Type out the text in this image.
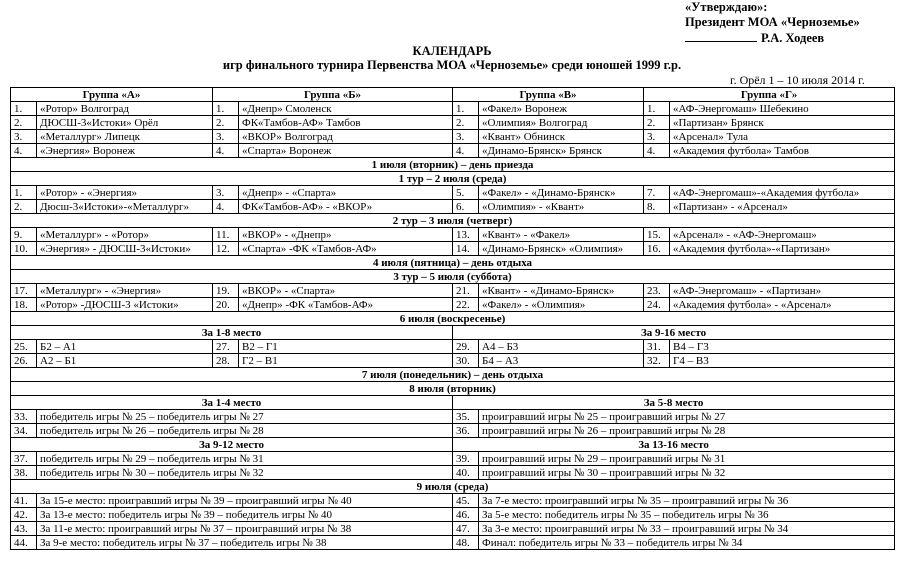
«Утверждаю»:
Президент МОА «Черноземье»
Р.А. Ходеев
КАЛЕНДАРЬ
игр финального турнира Первенства МОА «Черноземье» среди юношей 1999 г.р.
г. Орёл 1 – 10 июля 2014 г.
Группа «А»		Группа «Б»		Группа «В»		Группа «Г»	
1.	«Ротор» Волгоград	1.	«Днепр» Смоленск	1.	«Факел» Воронеж	1.	«АФ-Энергомаш» Шебекино
2.	ДЮСШ-3«Истоки» Орёл	2.	ФК«Тамбов-АФ» Тамбов	2.	«Олимпия» Волгоград	2.	«Партизан» Брянск
3.	«Металлург» Липецк	3.	«ВКОР» Волгоград	3.	«Квант» Обнинск	3.	«Арсенал» Тула
4.	«Энергия» Воронеж	4.	«Спарта» Воронеж	4.	«Динамо-Брянск» Брянск	4.	«Академия футбола» Тамбов
1 июля (вторник) – день приезда							
1 тур – 2 июля (среда)							
1.	«Ротор» - «Энергия»	3.	«Днепр» - «Спарта»	5.	«Факел» - «Динамо-Брянск»	7.	«АФ-Энергомаш»-«Академия футбола»
2.	Дюсш-3«Истоки»-«Металлург»	4.	ФК«Тамбов-АФ» - «ВКОР»	6.	«Олимпия» - «Квант»	8.	«Партизан» - «Арсенал»
2 тур – 3 июля (четверг)							
9.	«Металлург» - «Ротор»	11.	«ВКОР» - «Днепр»	13.	«Квант» - «Факел»	15.	«Арсенал» - «АФ-Энергомаш»
10.	«Энергия» - ДЮСШ-3«Истоки»	12.	«Спарта» -ФК «Тамбов-АФ»	14.	«Динамо-Брянск» «Олимпия»	16.	«Академия футбола»-«Партизан»
4 июля (пятница) – день отдыха							
3 тур – 5 июля (суббота)							
17.	«Металлург» - «Энергия»	19.	«ВКОР» - «Спарта»	21.	«Квант» - «Динамо-Брянск»	23.	«АФ-Энергомаш» - «Партизан»
18.	«Ротор» -ДЮСШ-3 «Истоки»	20.	«Днепр» -ФК «Тамбов-АФ»	22.	«Факел» - «Олимпия»	24.	«Академия футбола» - «Арсенал»
6 июля (воскресенье)							
За 1-8 место				За 9-16 место			
25.	Б2 – А1	27.	В2 – Г1	29.	А4 – Б3	31.	В4 – Г3
26.	А2 – Б1	28.	Г2 – В1	30.	Б4 – А3	32.	Г4 – В3
7 июля (понедельник) – день отдыха							
8 июля (вторник)							
За 1-4 место				За 5-8 место			
33.	победитель игры № 25 – победитель игры № 27			35.	проигравший игры № 25 – проигравший игры № 27		
34.	победитель игры № 26 – победитель игры № 28			36.	проигравший игры № 26 – проигравший игры № 28		
За 9-12 место				За 13-16 место			
37.	победитель игры № 29 – победитель игры № 31			39.	проигравший игры № 29 – проигравший игры № 31		
38.	победитель игры № 30 – победитель игры № 32			40.	проигравший игры № 30 – проигравший игры № 32		
9 июля (среда)							
41.	За 15-е место: проигравший игры № 39 – проигравший игры № 40			45.	За 7-е место: проигравший игры № 35 – проигравший игры № 36		
42.	За 13-е место: победитель игры № 39 – победитель игры № 40			46.	За 5-е место: победитель игры № 35 – победитель игры № 36		
43.	За 11-е место: проигравший игры № 37 – проигравший игры № 38			47.	За 3-е место: проигравший игры № 33 – проигравший игры № 34		
44.	За 9-е место: победитель игры № 37 – победитель игры № 38			48.	Финал: победитель игры № 33 – победитель игры № 34		
